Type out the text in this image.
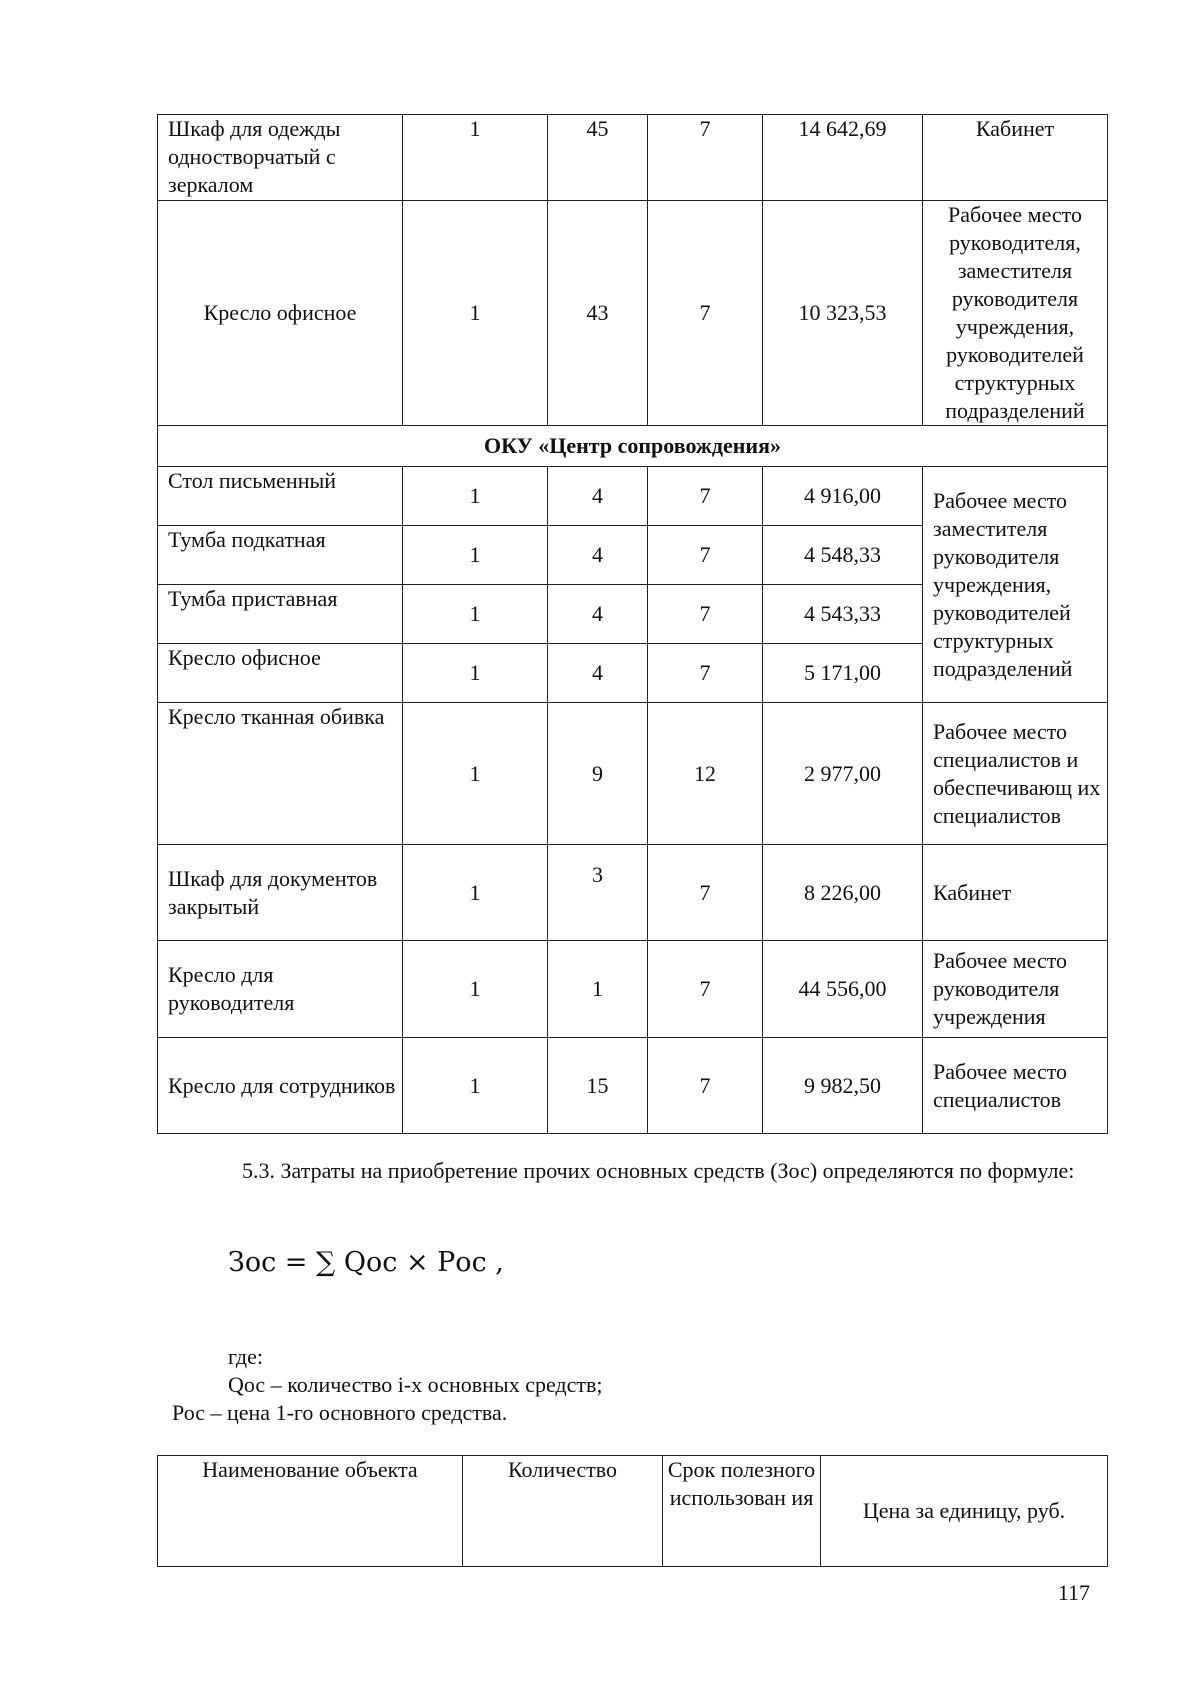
Шкаф для одежды одностворчатый с зеркалом	1	45	7	14 642,69	Кабинет
Кресло офисное	1	43	7	10 323,53	Рабочее место руководителя, заместителя руководителя учреждения, руководителей структурных подразделений
ОКУ «Центр сопровождения»					
Стол письменный	1	4	7	4 916,00	Рабочее место заместителя руководителя учреждения, руководителей структурных подразделений
Тумба подкатная	1	4	7	4 548,33	
Тумба приставная	1	4	7	4 543,33	
Кресло офисное	1	4	7	5 171,00	
Кресло тканная обивка	1	9	12	2 977,00	Рабочее место специалистов и обеспечивающ их специалистов
Шкаф для документов закрытый	1	3	7	8 226,00	Кабинет
Кресло для руководителя	1	1	7	44 556,00	Рабочее место руководителя учреждения
Кресло для сотрудников	1	15	7	9 982,50	Рабочее место специалистов
5.3. Затраты на приобретение прочих основных средств (Зос) определяются по формуле:
Зос = ∑ Qос × Pос ,
где:
Qос – количество i-х основных средств;
Рос – цена 1-го основного средства.
Наименование объекта	Количество	Срок полезного использован ия	Цена за единицу, руб.
117
